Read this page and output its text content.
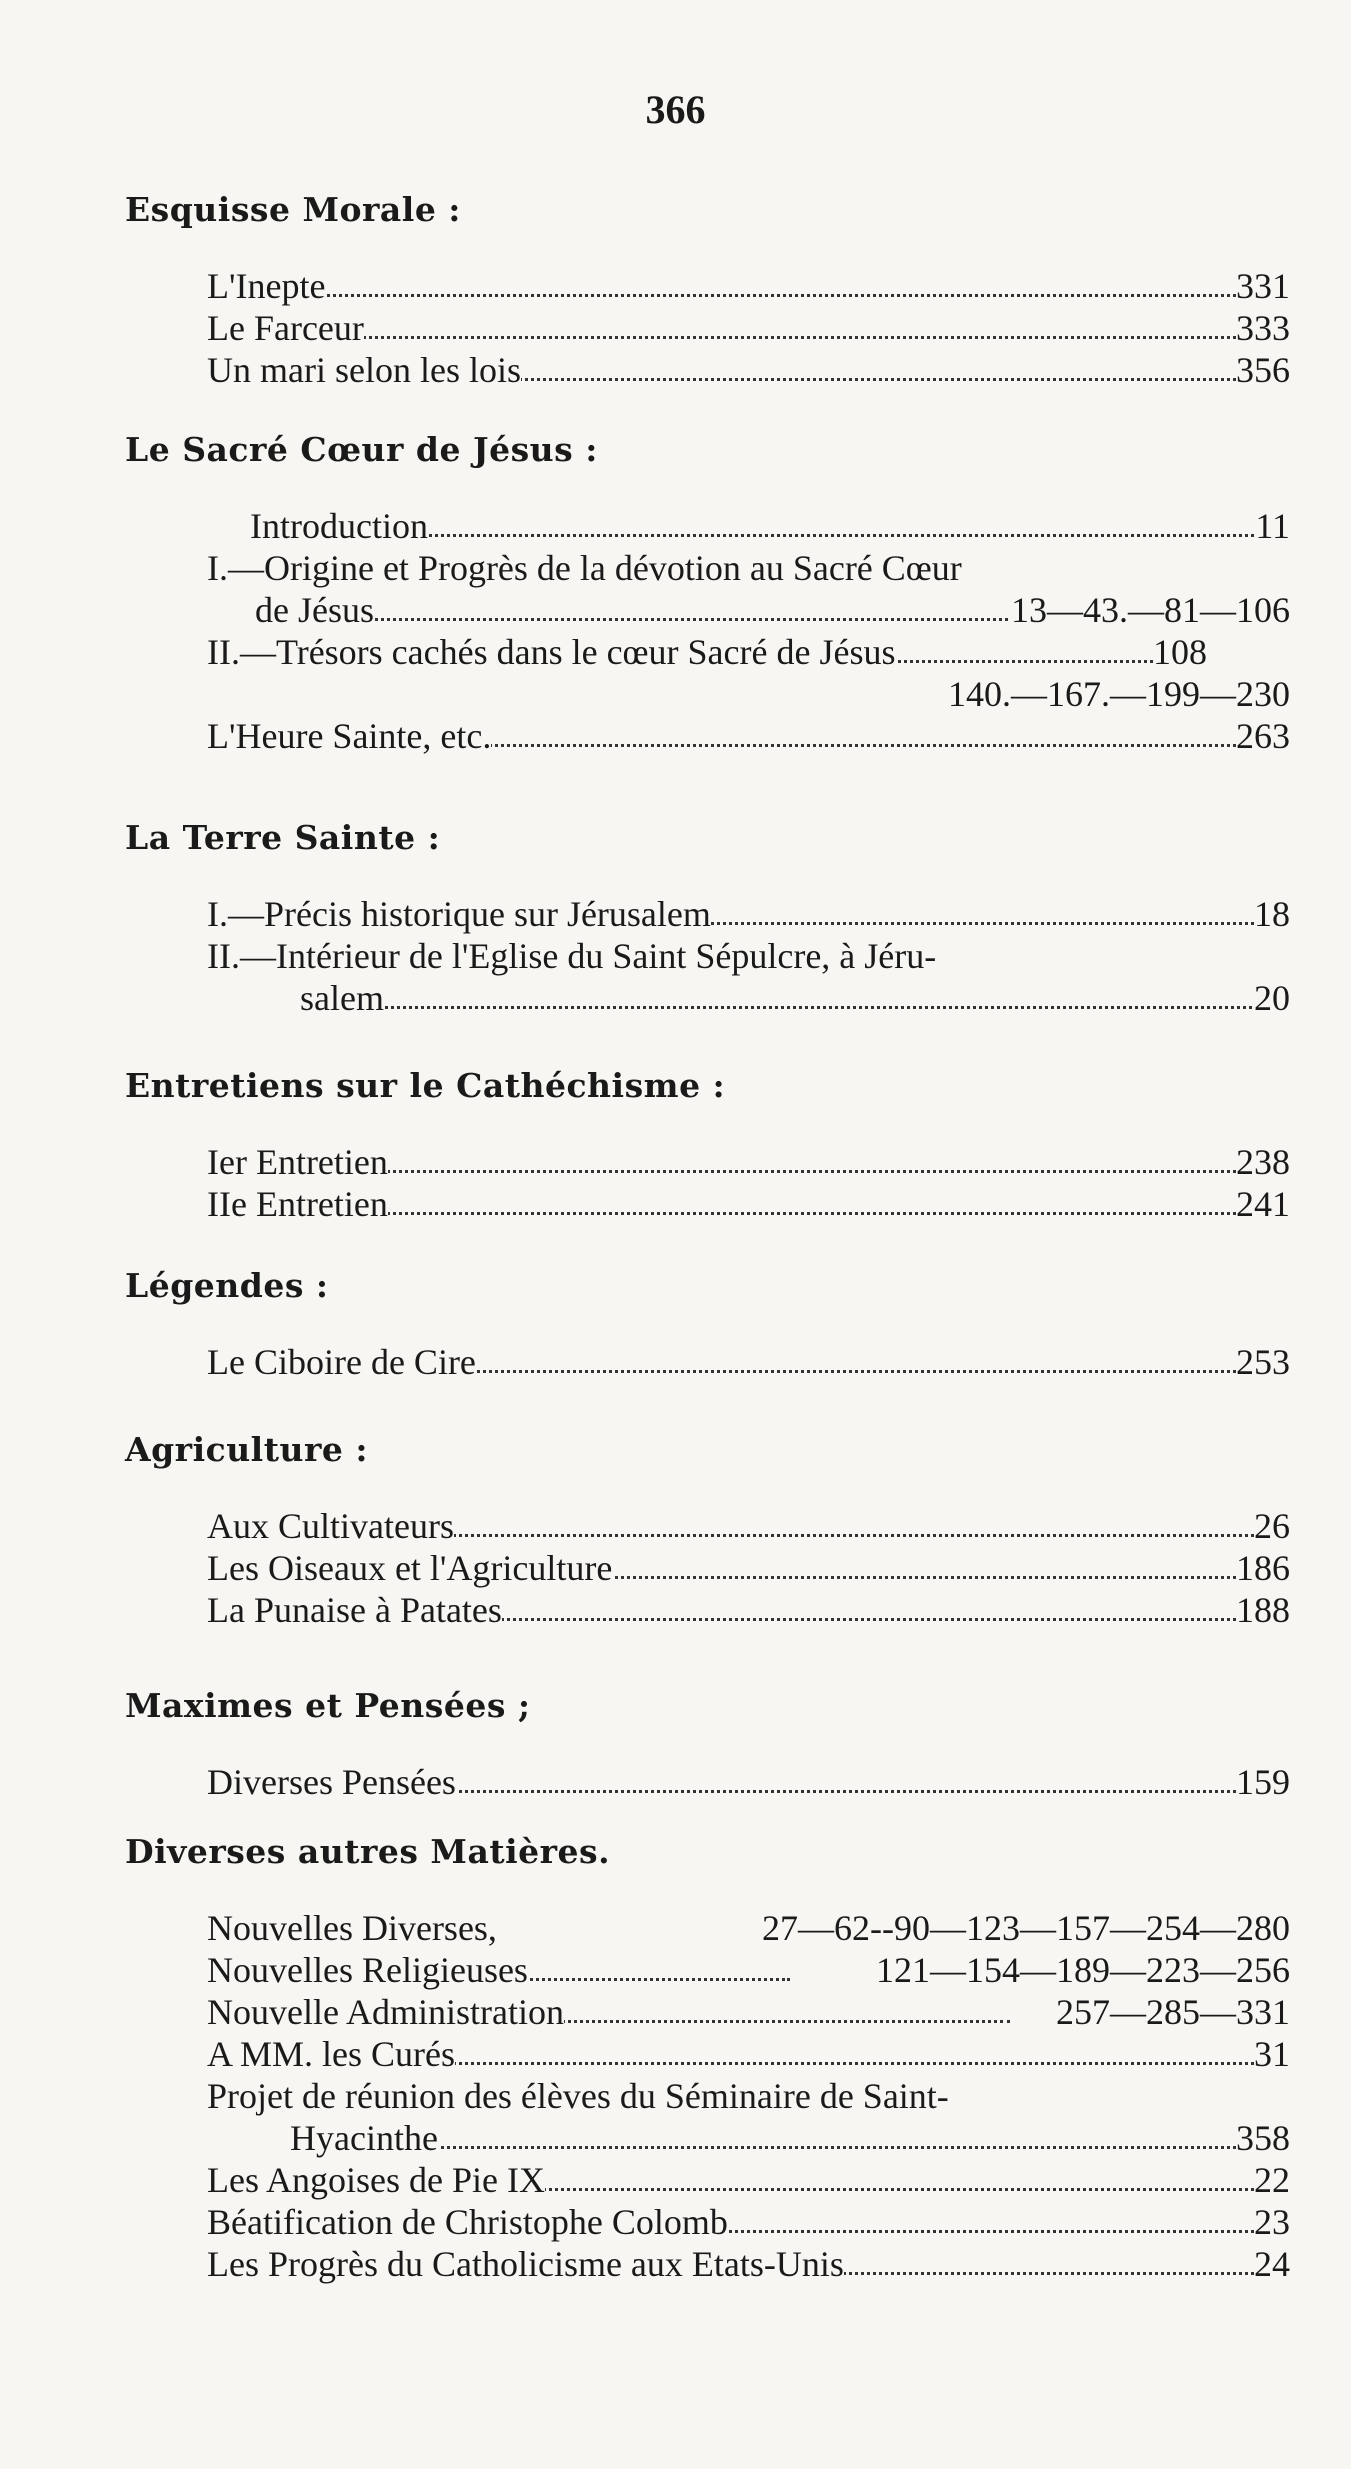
366
Esquisse Morale :
L'Inepte	331
Le Farceur	333
Un mari selon les lois	356
Le Sacré Cœur de Jésus :
Introduction	11
I.—Origine et Progrès de la dévotion au Sacré Cœur
de Jésus	13—43.—81—106
II.—Trésors cachés dans le cœur Sacré de Jésus	108
140.—167.—199—230
L'Heure Sainte, etc.	263
La Terre Sainte :
I.—Précis historique sur Jérusalem	18
II.—Intérieur de l'Eglise du Saint Sépulcre, à Jéru-
salem	20
Entretiens sur le Cathéchisme :
Ier Entretien	238
IIe Entretien	241
Légendes :
Le Ciboire de Cire	253
Agriculture :
Aux Cultivateurs	26
Les Oiseaux et l'Agriculture	186
La Punaise à Patates	188
Maximes et Pensées ;
Diverses Pensées	159
Diverses autres Matières.
Nouvelles Diverses,	27—62--90—123—157—254—280
Nouvelles Religieuses	121—154—189—223—256
Nouvelle Administration	257—285—331
A MM. les Curés	31
Projet de réunion des élèves du Séminaire de Saint-
Hyacinthe	358
Les Angoises de Pie IX	22
Béatification de Christophe Colomb	23
Les Progrès du Catholicisme aux Etats-Unis	24
